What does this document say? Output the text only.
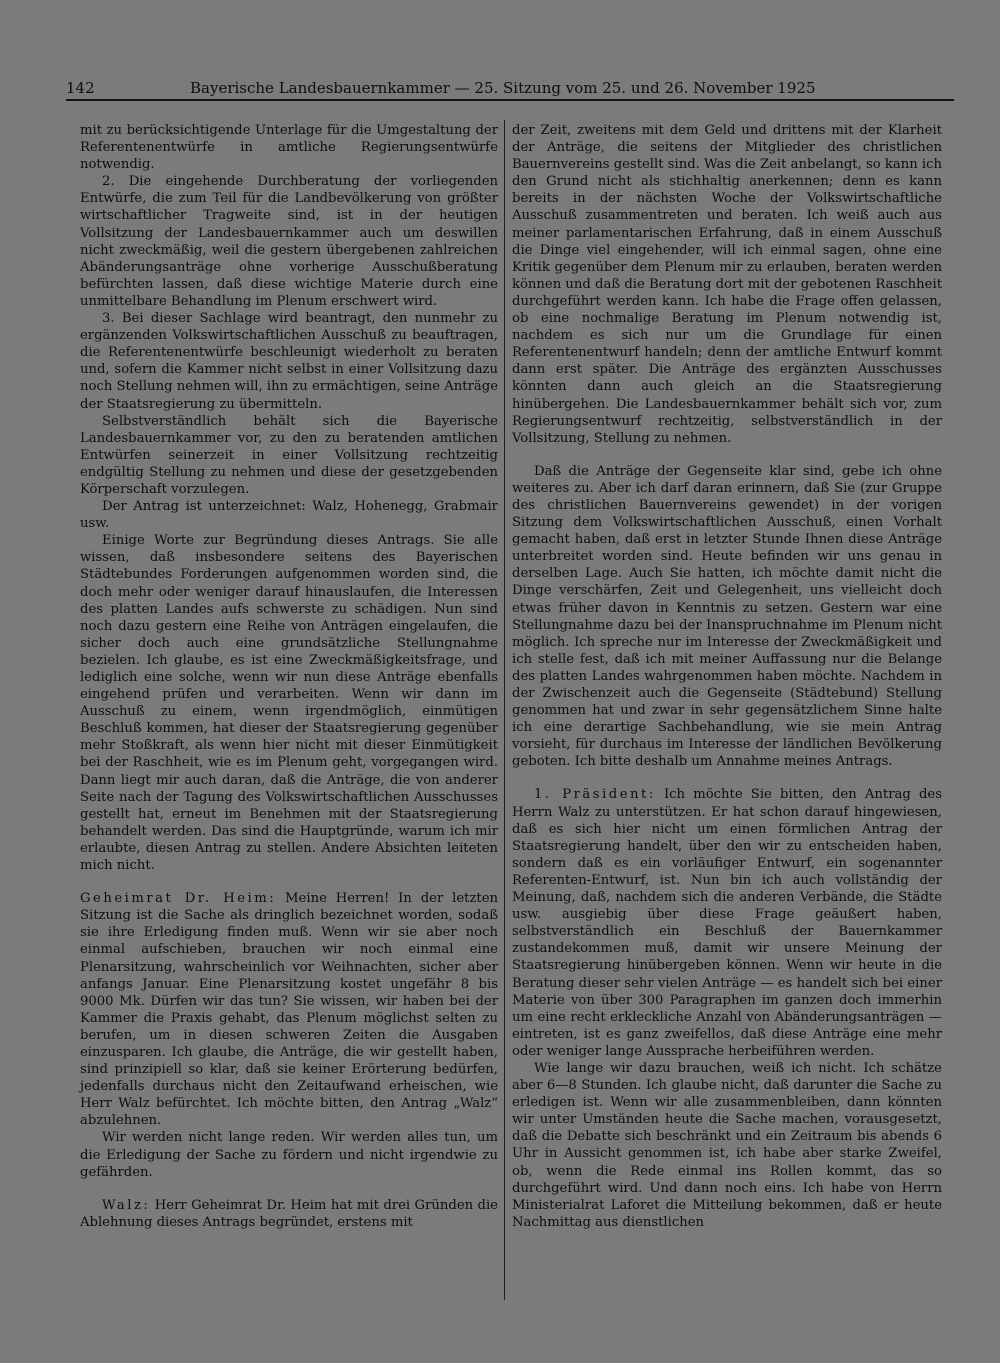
142	Bayerische Landesbauernkammer — 25. Sitzung vom 25. und 26. November 1925

mit zu berücksichtigende Unterlage für die Umgestaltung der Referentenentwürfe in amtliche Regierungsentwürfe notwendig.

2. Die eingehende Durchberatung der vorliegenden Entwürfe, die zum Teil für die Landbevölkerung von größter wirtschaftlicher Tragweite sind, ist in der heutigen Vollsitzung der Landesbauernkammer auch um deswillen nicht zweckmäßig, weil die gestern übergebenen zahlreichen Abänderungsanträge ohne vorherige Ausschußberatung befürchten lassen, daß diese wichtige Materie durch eine unmittelbare Behandlung im Plenum erschwert wird.

3. Bei dieser Sachlage wird beantragt, den nunmehr zu ergänzenden Volkswirtschaftlichen Ausschuß zu beauftragen, die Referentenentwürfe beschleunigt wiederholt zu beraten und, sofern die Kammer nicht selbst in einer Vollsitzung dazu noch Stellung nehmen will, ihn zu ermächtigen, seine Anträge der Staatsregierung zu übermitteln.

Selbstverständlich behält sich die Bayerische Landesbauernkammer vor, zu den zu beratenden amtlichen Entwürfen seinerzeit in einer Vollsitzung rechtzeitig endgültig Stellung zu nehmen und diese der gesetzgebenden Körperschaft vorzulegen.

Der Antrag ist unterzeichnet: Walz, Hohenegg, Grabmair usw.

Einige Worte zur Begründung dieses Antrags. Sie alle wissen, daß insbesondere seitens des Bayerischen Städtebundes Forderungen aufgenommen worden sind, die doch mehr oder weniger darauf hinauslaufen, die Interessen des platten Landes aufs schwerste zu schädigen. Nun sind noch dazu gestern eine Reihe von Anträgen eingelaufen, die sicher doch auch eine grundsätzliche Stellungnahme bezielen. Ich glaube, es ist eine Zweckmäßigkeitsfrage, und lediglich eine solche, wenn wir nun diese Anträge ebenfalls eingehend prüfen und verarbeiten. Wenn wir dann im Ausschuß zu einem, wenn irgendmöglich, einmütigen Beschluß kommen, hat dieser der Staatsregierung gegenüber mehr Stoßkraft, als wenn hier nicht mit dieser Einmütigkeit bei der Raschheit, wie es im Plenum geht, vorgegangen wird. Dann liegt mir auch daran, daß die Anträge, die von anderer Seite nach der Tagung des Volkswirtschaftlichen Ausschusses gestellt hat, erneut im Benehmen mit der Staatsregierung behandelt werden. Das sind die Hauptgründe, warum ich mir erlaubte, diesen Antrag zu stellen. Andere Absichten leiteten mich nicht.

Geheimrat Dr. Heim: Meine Herren! In der letzten Sitzung ist die Sache als dringlich bezeichnet worden, sodaß sie ihre Erledigung finden muß. Wenn wir sie aber noch einmal aufschieben, brauchen wir noch einmal eine Plenarsitzung, wahrscheinlich vor Weihnachten, sicher aber anfangs Januar. Eine Plenarsitzung kostet ungefähr 8 bis 9000 Mk. Dürfen wir das tun? Sie wissen, wir haben bei der Kammer die Praxis gehabt, das Plenum möglichst selten zu berufen, um in diesen schweren Zeiten die Ausgaben einzusparen. Ich glaube, die Anträge, die wir gestellt haben, sind prinzipiell so klar, daß sie keiner Erörterung bedürfen, jedenfalls durchaus nicht den Zeitaufwand erheischen, wie Herr Walz befürchtet. Ich möchte bitten, den Antrag „Walz“ abzulehnen.

Wir werden nicht lange reden. Wir werden alles tun, um die Erledigung der Sache zu fördern und nicht irgendwie zu gefährden.

Walz: Herr Geheimrat Dr. Heim hat mit drei Gründen die Ablehnung dieses Antrags begründet, erstens mit

der Zeit, zweitens mit dem Geld und drittens mit der Klarheit der Anträge, die seitens der Mitglieder des christlichen Bauernvereins gestellt sind. Was die Zeit anbelangt, so kann ich den Grund nicht als stichhaltig anerkennen; denn es kann bereits in der nächsten Woche der Volkswirtschaftliche Ausschuß zusammentreten und beraten. Ich weiß auch aus meiner parlamentarischen Erfahrung, daß in einem Ausschuß die Dinge viel eingehender, will ich einmal sagen, ohne eine Kritik gegenüber dem Plenum mir zu erlauben, beraten werden können und daß die Beratung dort mit der gebotenen Raschheit durchgeführt werden kann. Ich habe die Frage offen gelassen, ob eine nochmalige Beratung im Plenum notwendig ist, nachdem es sich nur um die Grundlage für einen Referentenentwurf handeln; denn der amtliche Entwurf kommt dann erst später. Die Anträge des ergänzten Ausschusses könnten dann auch gleich an die Staatsregierung hinübergehen. Die Landesbauernkammer behält sich vor, zum Regierungsentwurf rechtzeitig, selbstverständlich in der Vollsitzung, Stellung zu nehmen.

Daß die Anträge der Gegenseite klar sind, gebe ich ohne weiteres zu. Aber ich darf daran erinnern, daß Sie (zur Gruppe des christlichen Bauernvereins gewendet) in der vorigen Sitzung dem Volkswirtschaftlichen Ausschuß, einen Vorhalt gemacht haben, daß erst in letzter Stunde Ihnen diese Anträge unterbreitet worden sind. Heute befinden wir uns genau in derselben Lage. Auch Sie hatten, ich möchte damit nicht die Dinge verschärfen, Zeit und Gelegenheit, uns vielleicht doch etwas früher davon in Kenntnis zu setzen. Gestern war eine Stellungnahme dazu bei der Inanspruchnahme im Plenum nicht möglich. Ich spreche nur im Interesse der Zweckmäßigkeit und ich stelle fest, daß ich mit meiner Auffassung nur die Belange des platten Landes wahrgenommen haben möchte. Nachdem in der Zwischenzeit auch die Gegenseite (Städtebund) Stellung genommen hat und zwar in sehr gegensätzlichem Sinne halte ich eine derartige Sachbehandlung, wie sie mein Antrag vorsieht, für durchaus im Interesse der ländlichen Bevölkerung geboten. Ich bitte deshalb um Annahme meines Antrags.

1. Präsident: Ich möchte Sie bitten, den Antrag des Herrn Walz zu unterstützen. Er hat schon darauf hingewiesen, daß es sich hier nicht um einen förmlichen Antrag der Staatsregierung handelt, über den wir zu entscheiden haben, sondern daß es ein vorläufiger Entwurf, ein sogenannter Referenten-Entwurf, ist. Nun bin ich auch vollständig der Meinung, daß, nachdem sich die anderen Verbände, die Städte usw. ausgiebig über diese Frage geäußert haben, selbstverständlich ein Beschluß der Bauernkammer zustandekommen muß, damit wir unsere Meinung der Staatsregierung hinübergeben können. Wenn wir heute in die Beratung dieser sehr vielen Anträge — es handelt sich bei einer Materie von über 300 Paragraphen im ganzen doch immerhin um eine recht erkleckliche Anzahl von Abänderungsanträgen — eintreten, ist es ganz zweifellos, daß diese Anträge eine mehr oder weniger lange Aussprache herbeiführen werden.

Wie lange wir dazu brauchen, weiß ich nicht. Ich schätze aber 6—8 Stunden. Ich glaube nicht, daß darunter die Sache zu erledigen ist. Wenn wir alle zusammenbleiben, dann könnten wir unter Umständen heute die Sache machen, vorausgesetzt, daß die Debatte sich beschränkt und ein Zeitraum bis abends 6 Uhr in Aussicht genommen ist, ich habe aber starke Zweifel, ob, wenn die Rede einmal ins Rollen kommt, das so durchgeführt wird. Und dann noch eins. Ich habe von Herrn Ministerialrat Laforet die Mitteilung bekommen, daß er heute Nachmittag aus dienstlichen
